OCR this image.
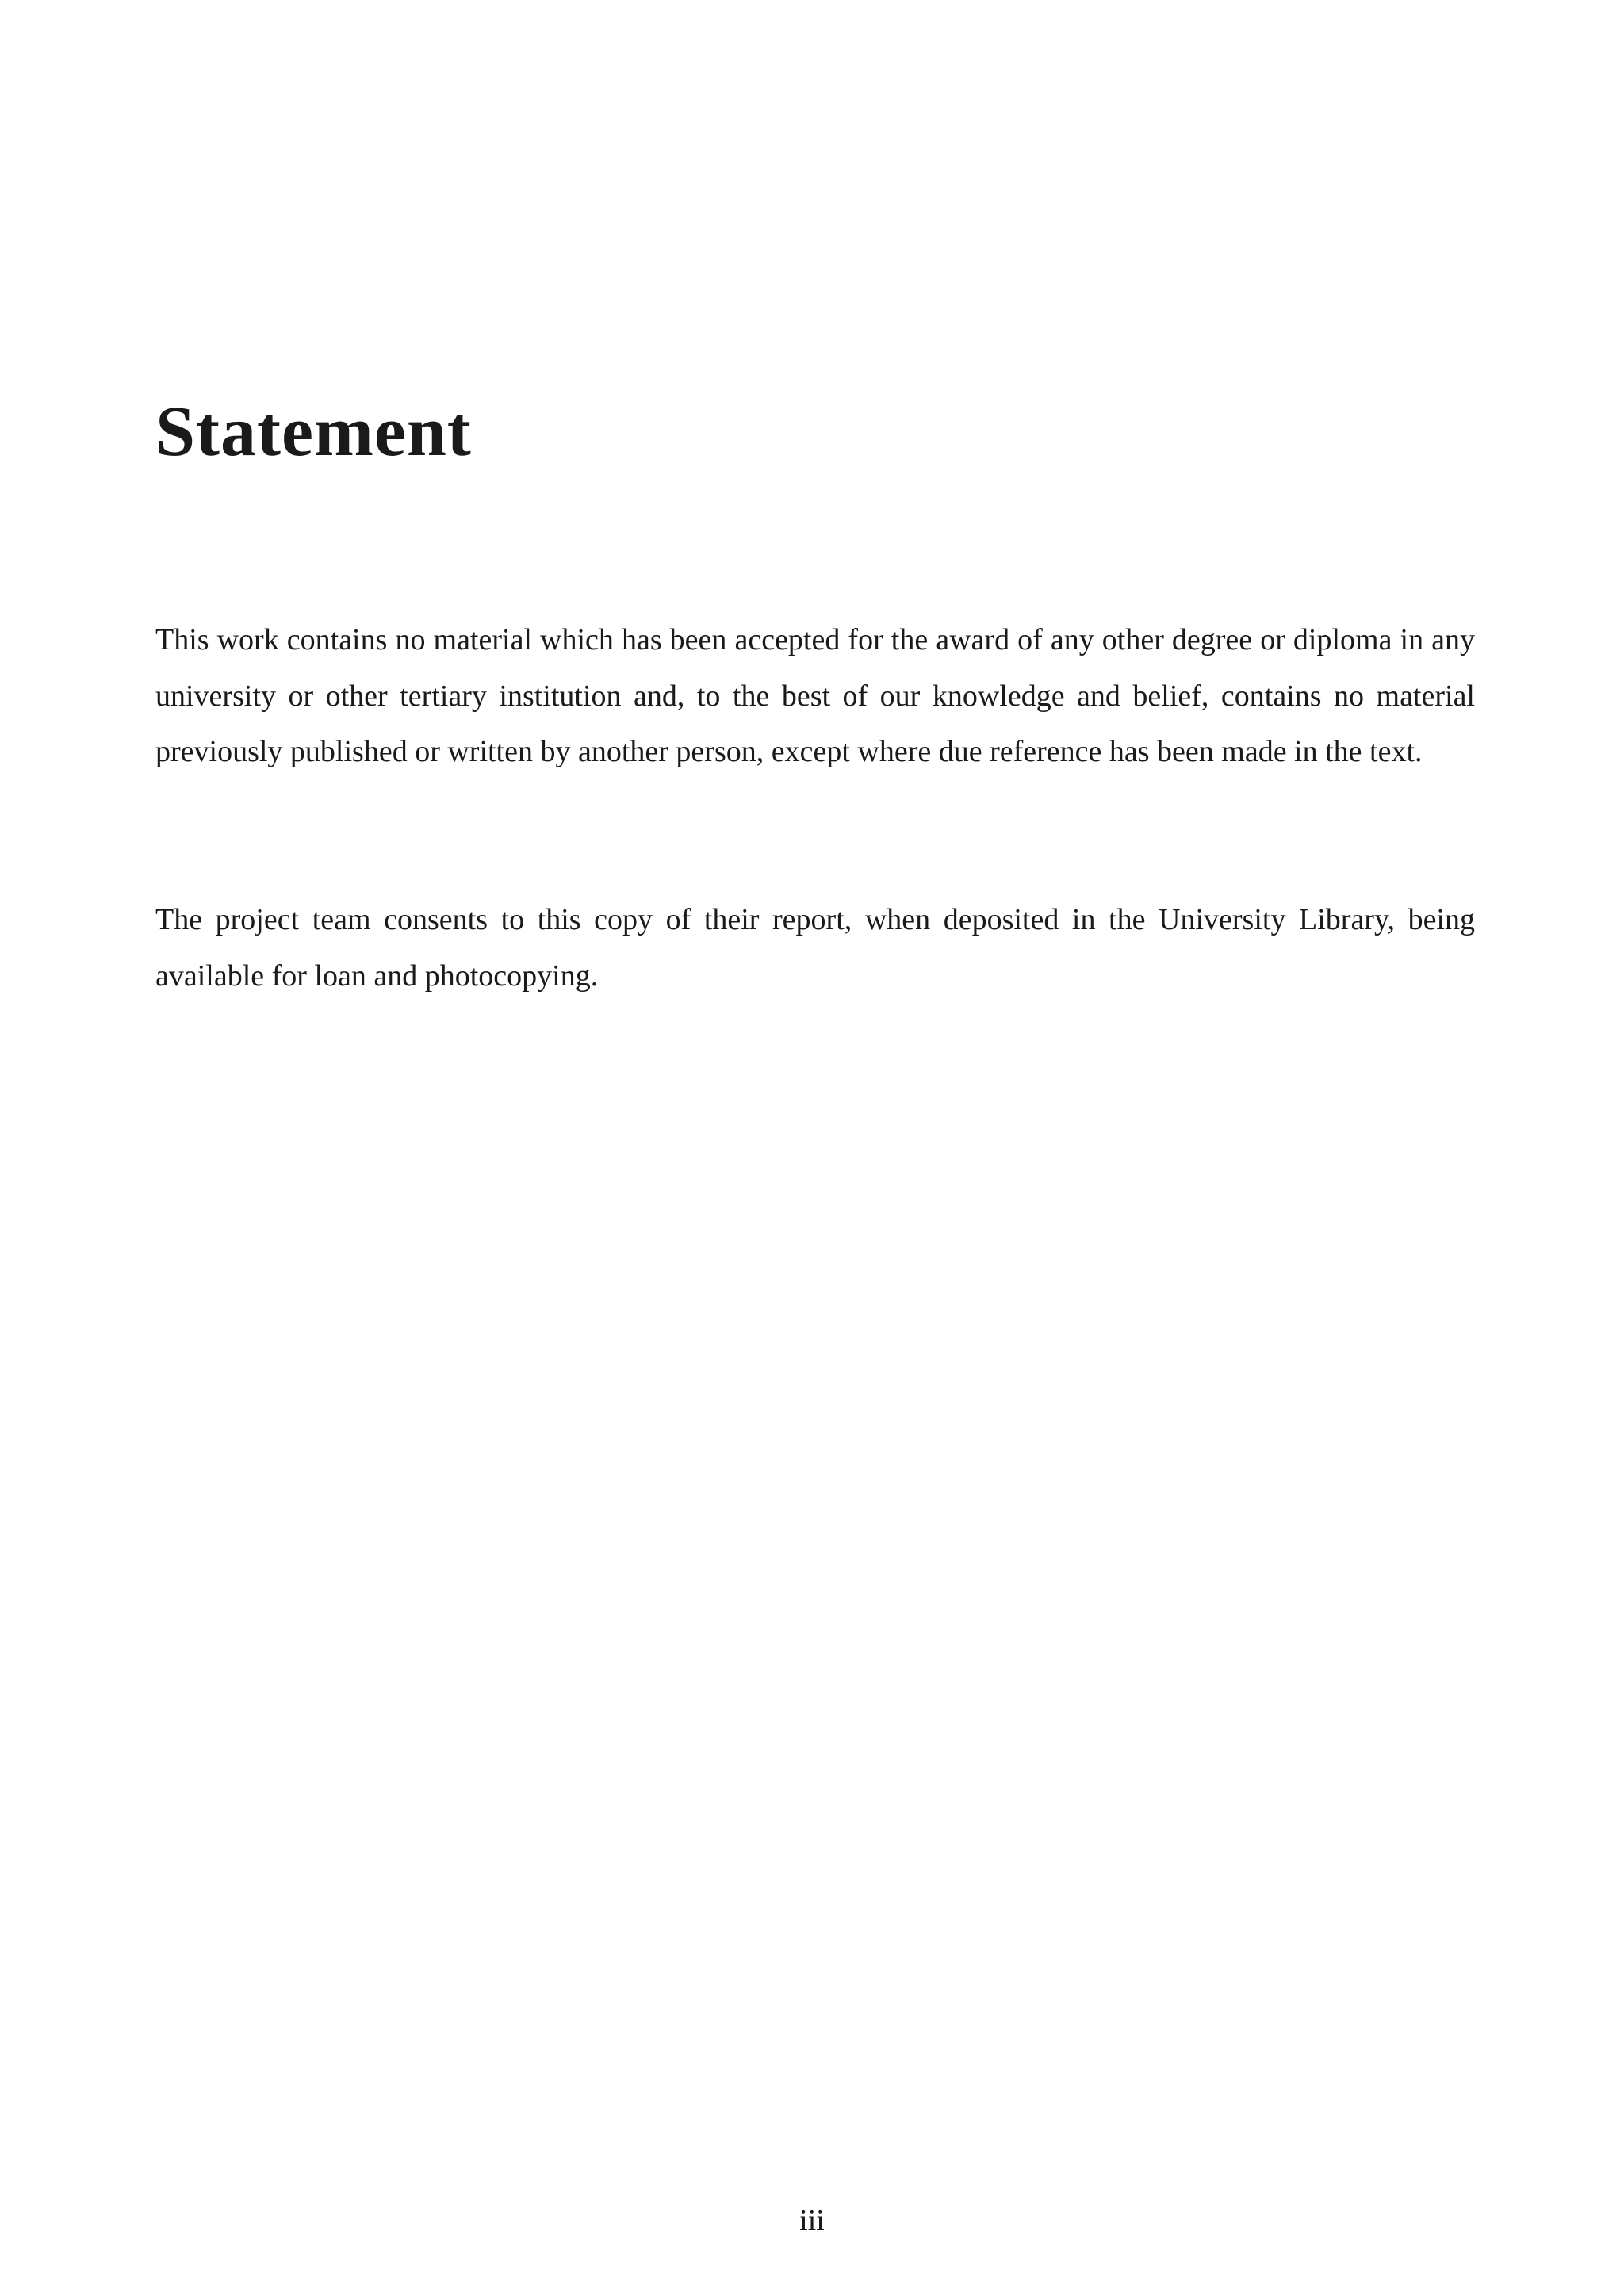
Statement

This work contains no material which has been accepted for the award of any other degree or diploma in any university or other tertiary institution and, to the best of our knowledge and belief, contains no material previously published or written by another person, except where due reference has been made in the text.

The project team consents to this copy of their report, when deposited in the University Library, being available for loan and photocopying.

iii
